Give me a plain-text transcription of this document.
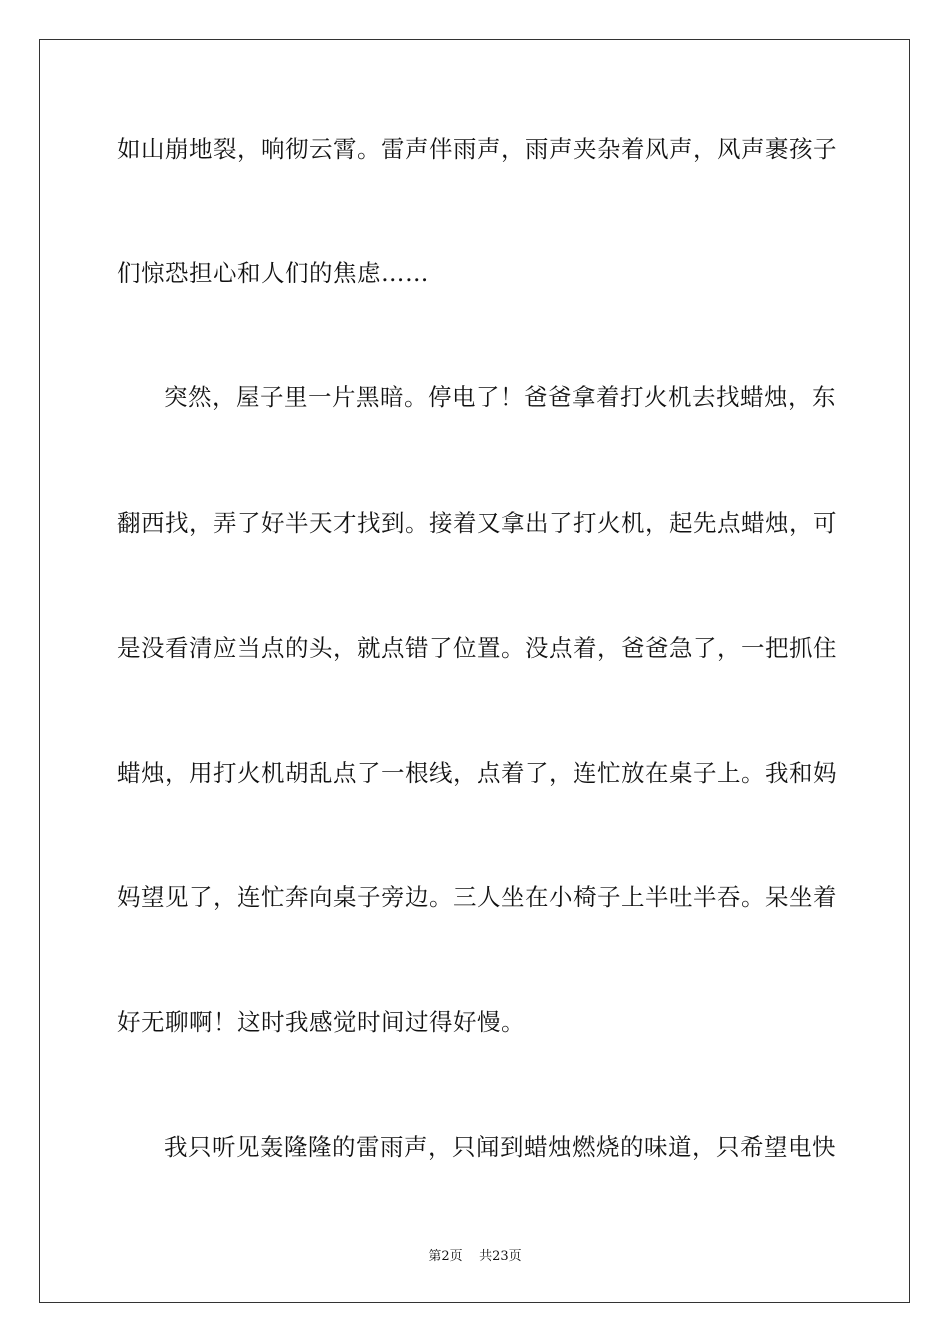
如山崩地裂，响彻云霄。雷声伴雨声，雨声夹杂着风声，风声裹孩子
们惊恐担心和人们的焦虑……
突然，屋子里一片黑暗。停电了！爸爸拿着打火机去找蜡烛，东
翻西找，弄了好半天才找到。接着又拿出了打火机，起先点蜡烛，可
是没看清应当点的头，就点错了位置。没点着，爸爸急了，一把抓住
蜡烛，用打火机胡乱点了一根线，点着了，连忙放在桌子上。我和妈
妈望见了，连忙奔向桌子旁边。三人坐在小椅子上半吐半吞。呆坐着
好无聊啊！这时我感觉时间过得好慢。
我只听见轰隆隆的雷雨声，只闻到蜡烛燃烧的味道，只希望电快
第2页    共23页
